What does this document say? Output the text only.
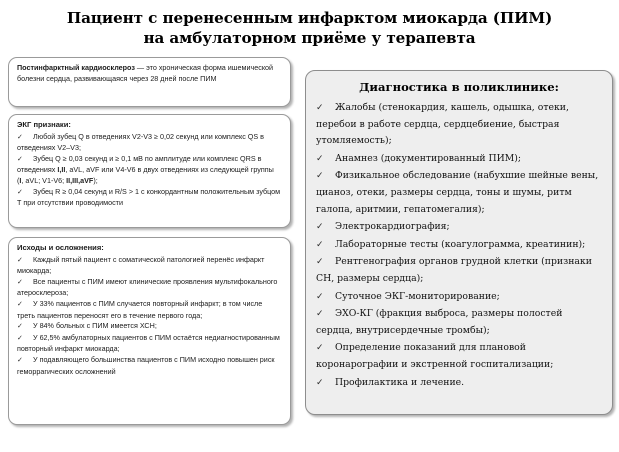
Пациент с перенесенным инфарктом миокарда (ПИМ)
на амбулаторном приёме у терапевта

Постинфарктный кардиосклероз — это хроническая форма ишемической болезни сердца, развивающаяся через 28 дней после ПИМ

ЭКГ признаки:

✓ Любой зубец Q в отведениях V2-V3 ≥ 0,02 секунд или комплекс QS в отведениях V2–V3;

✓ Зубец Q ≥ 0,03 секунд и ≥ 0,1 мВ по амплитуде или комплекс QRS в отведениях I,II, aVL, aVF или V4-V6 в двух отведениях из следующей группы (I, aVL; V1-V6; II,III,aVF);

✓ Зубец R ≥ 0,04 секунд и R/S > 1 с конкордантным положительным зубцом Т при отсутствии проводимости

Исходы и осложнения:

✓ Каждый пятый пациент с соматической патологией перенёс инфаркт миокарда;

✓ Все пациенты с ПИМ имеют клинические проявления мультифокального атеросклероза;

✓ У 33% пациентов с ПИМ случается повторный инфаркт; в том числе треть пациентов переносят его в течение первого года;

✓ У 84% больных с ПИМ имеется ХСН;

✓ У 62,5% амбулаторных пациентов с ПИМ остаётся недиагностированным повторный инфаркт миокарда;

✓ У подавляющего большинства пациентов с ПИМ исходно повышен риск геморрагических осложнений

Диагностика в поликлинике:

✓ Жалобы (стенокардия, кашель, одышка, отеки, перебои в работе сердца, сердцебиение, быстрая утомляемость);

✓ Анамнез (документированный ПИМ);

✓ Физикальное обследование (набухшие шейные вены, цианоз, отеки, размеры сердца, тоны и шумы, ритм галопа, аритмии, гепатомегалия);

✓ Электрокардиография;

✓ Лабораторные тесты (коагулограмма, креатинин);

✓ Рентгенография органов грудной клетки (признаки СН, размеры сердца);

✓ Суточное ЭКГ-мониторирование;

✓ ЭХО-КГ (фракция выброса, размеры полостей сердца, внутрисердечные тромбы);

✓ Определение показаний для плановой коронарографии и экстренной госпитализации;

✓ Профилактика и лечение.
